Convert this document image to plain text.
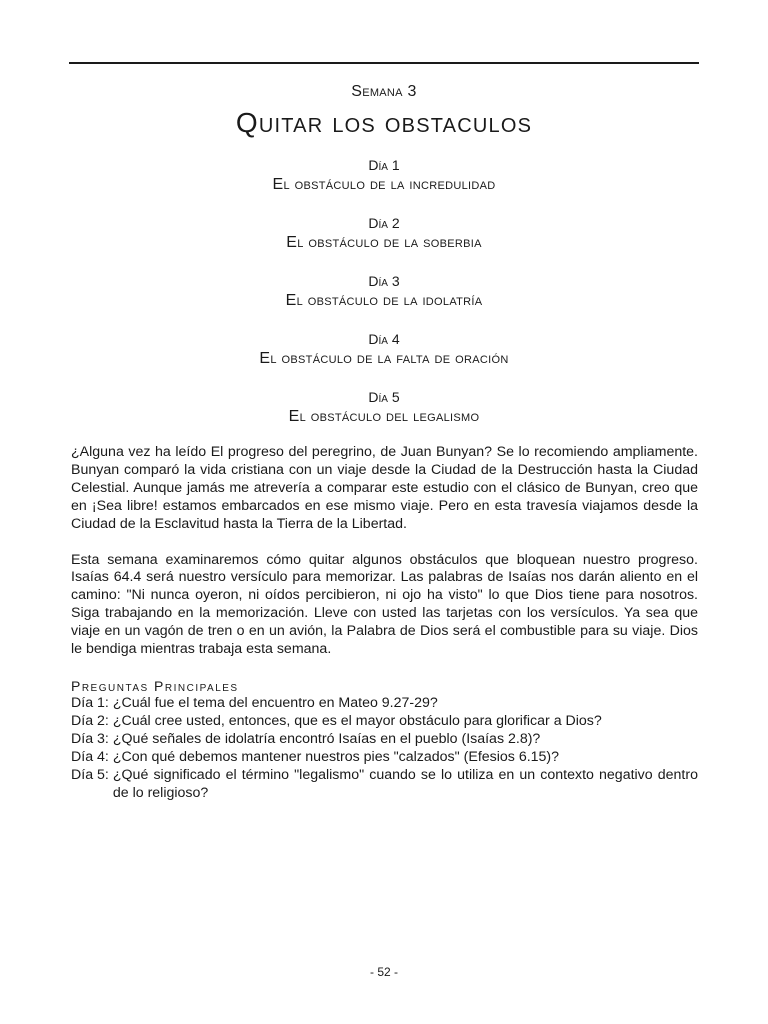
Semana 3
Quitar los obstaculos
Día 1
El obstáculo de la incredulidad
Día 2
El obstáculo de la soberbia
Día 3
El obstáculo de la idolatría
Día 4
El obstáculo de la falta de oración
Día 5
El obstáculo del legalismo

¿Alguna vez ha leído El progreso del peregrino, de Juan Bunyan? Se lo recomiendo ampliamente. Bunyan comparó la vida cristiana con un viaje desde la Ciudad de la Destrucción hasta la Ciudad Celestial. Aunque jamás me atrevería a comparar este estudio con el clásico de Bunyan, creo que en ¡Sea libre! estamos embarcados en ese mismo viaje. Pero en esta travesía viajamos desde la Ciudad de la Esclavitud hasta la Tierra de la Libertad.

Esta semana examinaremos cómo quitar algunos obstáculos que bloquean nuestro progreso. Isaías 64.4 será nuestro versículo para memorizar. Las palabras de Isaías nos darán aliento en el camino: "Ni nunca oyeron, ni oídos percibieron, ni ojo ha visto" lo que Dios tiene para nosotros. Siga trabajando en la memorización. Lleve con usted las tarjetas con los versículos. Ya sea que viaje en un vagón de tren o en un avión, la Palabra de Dios será el combustible para su viaje. Dios le bendiga mientras trabaja esta semana.

Preguntas Principales
Día 1: ¿Cuál fue el tema del encuentro en Mateo 9.27-29?
Día 2: ¿Cuál cree usted, entonces, que es el mayor obstáculo para glorificar a Dios?
Día 3: ¿Qué señales de idolatría encontró Isaías en el pueblo (Isaías 2.8)?
Día 4: ¿Con qué debemos mantener nuestros pies "calzados" (Efesios 6.15)?
Día 5: ¿Qué significado el término "legalismo" cuando se lo utiliza en un contexto negativo dentro de lo religioso?
- 52 -
